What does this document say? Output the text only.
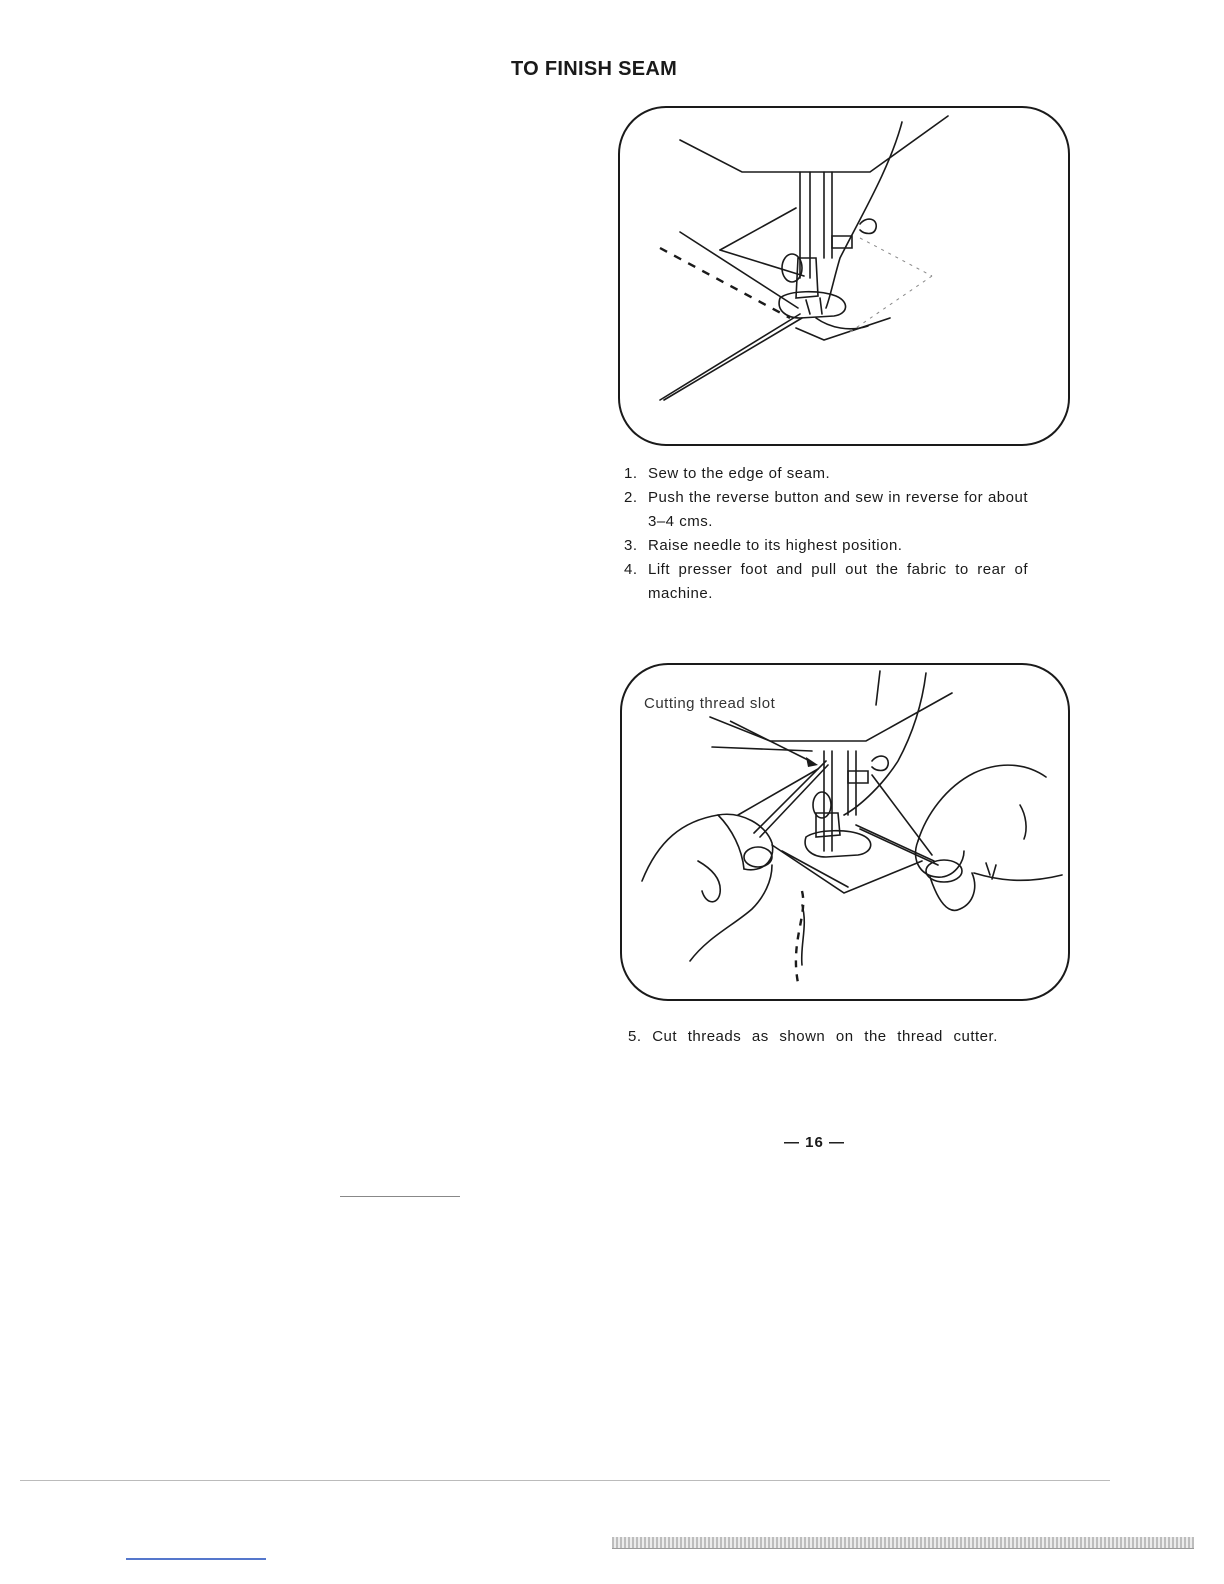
TO FINISH SEAM
1. Sew to the edge of seam.
2. Push the reverse button and sew in reverse for about 3–4 cms.
3. Raise needle to its highest position.
4. Lift presser foot and pull out the fabric to rear of machine.
Cutting thread slot
5. Cut threads as shown on the thread cutter.
— 16 —
